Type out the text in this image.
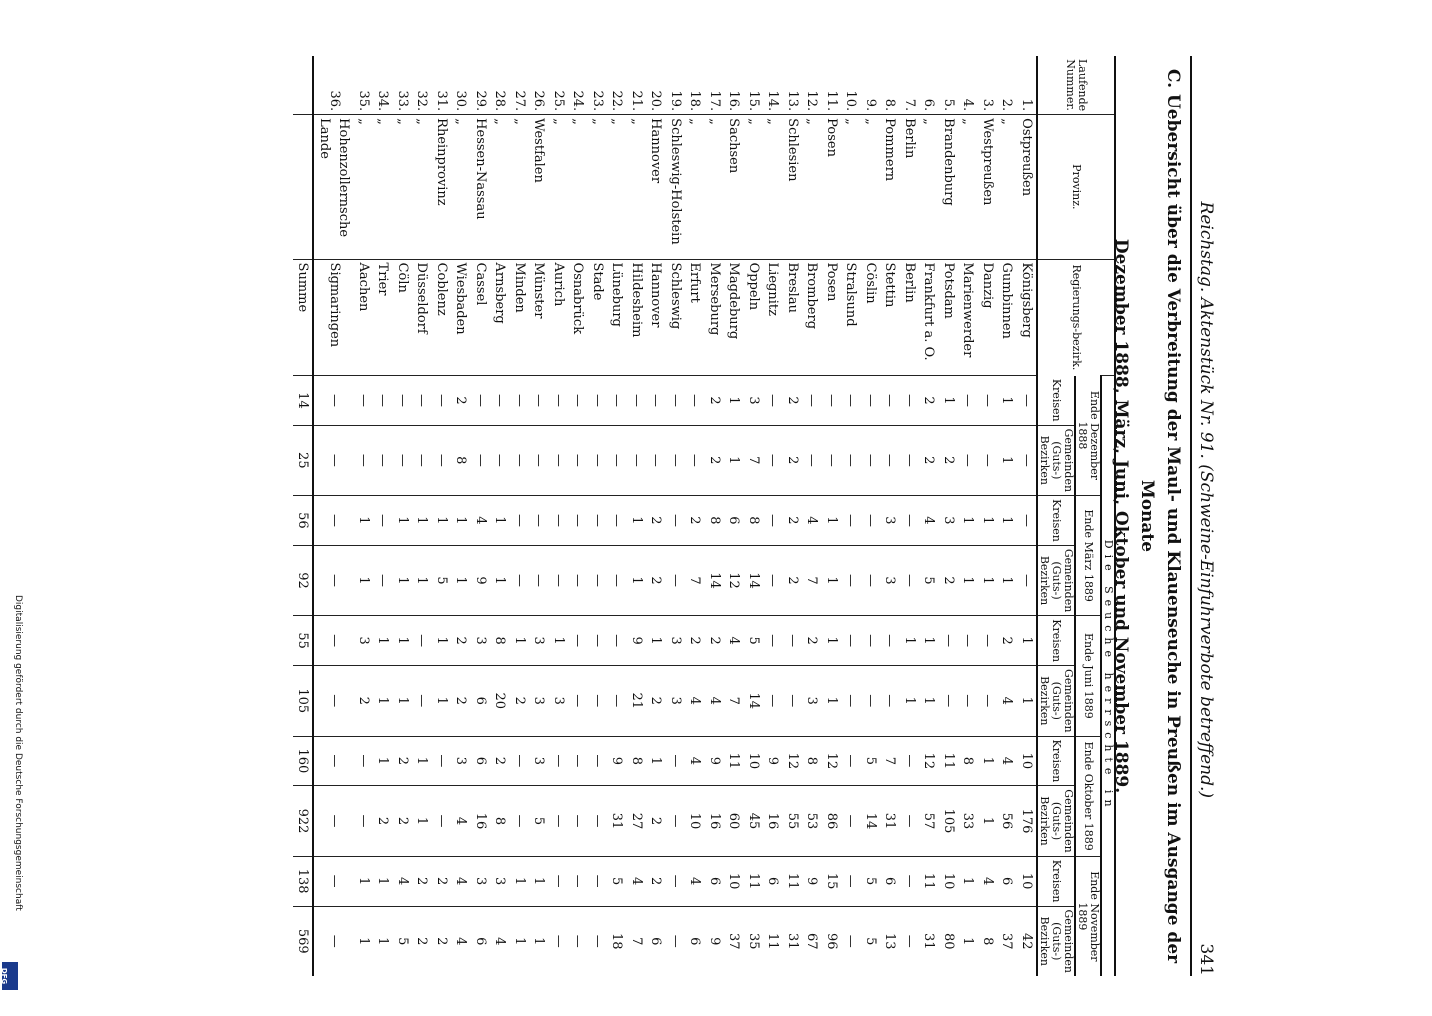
Reichstag. Aktenstück Nr. 91. (Schweine-Einfuhrverbote betreffend.)
341
C. Uebersicht über die Verbreitung der Maul- und Klauenseuche in Preußen im Ausgange der Monate
Dezember 1888, März, Juni, Oktober und November 1889.
Laufende Nummer.	Provinz.	Regierungs-bezirk.	Die Seuche herrschte in									
			Ende Dezember 1888		Ende März 1889		Ende Juni 1889		Ende Oktober 1889		Ende November 1889	
			Kreisen	Gemeinden (Guts-) Bezirken	Kreisen	Gemeinden (Guts-) Bezirken	Kreisen	Gemeinden (Guts-) Bezirken	Kreisen	Gemeinden (Guts-) Bezirken	Kreisen	Gemeinden (Guts-) Bezirken
1.	Ostpreußen	Königsberg	—	—	—	—	1	1	10	176	10	42
2.	„	Gumbinnen	1	1	1	1	2	4	4	56	6	37
3.	Westpreußen	Danzig	—	—	1	1	—	—	1	1	4	8
4.	„	Marienwerder	—	—	1	1	—	—	8	33	1	1
5.	Brandenburg	Potsdam	1	2	3	2	—	—	11	105	10	80
6.	„	Frankfurt a. O.	2	2	4	5	1	1	12	57	11	31
7.	Berlin	Berlin	—	—	—	—	1	1	—	—	—	—
8.	Pommern	Stettin	—	—	3	3	—	—	7	31	6	13
9.	„	Cöslin	—	—	—	—	—	—	5	14	5	5
10.	„	Stralsund	—	—	—	—	—	—	—	—	—	—
11.	Posen	Posen	—	—	1	1	1	1	12	86	15	96
12.	„	Bromberg	—	—	4	7	2	3	8	53	9	67
13.	Schlesien	Breslau	2	2	2	2	—	—	12	55	11	31
14.	„	Liegnitz	—	—	—	—	—	—	9	16	6	11
15.	„	Oppeln	3	7	8	14	5	14	10	45	11	35
16.	Sachsen	Magdeburg	1	1	6	12	4	7	11	60	10	37
17.	„	Merseburg	2	2	8	14	2	4	9	16	6	9
18.	„	Erfurt	—	—	2	7	2	4	4	10	4	6
19.	Schleswig-Holstein	Schleswig	—	—	—	—	3	3	—	—	—	—
20.	Hannover	Hannover	—	—	2	2	1	2	1	2	2	6
21.	„	Hildesheim	—	—	1	1	9	21	8	27	4	7
22.	„	Lüneburg	—	—	—	—	—	—	9	31	5	18
23.	„	Stade	—	—	—	—	—	—	—	—	—	—
24.	„	Osnabrück	—	—	—	—	—	—	—	—	—	—
25.	„	Aurich	—	—	—	—	1	3	—	—	—	—
26.	Westfalen	Münster	—	—	—	—	3	3	3	5	1	1
27.	„	Minden	—	—	—	—	1	2	—	—	1	1
28.	„	Arnsberg	—	—	1	1	8	20	2	8	3	4
29.	Hessen-Nassau	Cassel	—	—	4	9	3	6	6	16	3	6
30.	„	Wiesbaden	2	8	1	1	2	2	3	4	4	4
31.	Rheinprovinz	Coblenz	—	—	1	5	1	1	—	—	2	2
32.	„	Düsseldorf	—	—	1	1	—	—	1	1	2	2
33.	„	Cöln	—	—	1	1	1	1	2	2	4	5
34.	„	Trier	—	—	—	—	1	1	1	2	1	1
35.	„	Aachen	—	—	1	1	3	2	—	—	1	1
36.	Hohenzollernsche Lande	Sigmaringen	—	—	—	—	—	—	—	—	—	—
		Summe	14	25	56	92	55	105	160	922	138	569
Digitalisierung gefördert durch die Deutsche Forschungsgemeinschaft
DFG
